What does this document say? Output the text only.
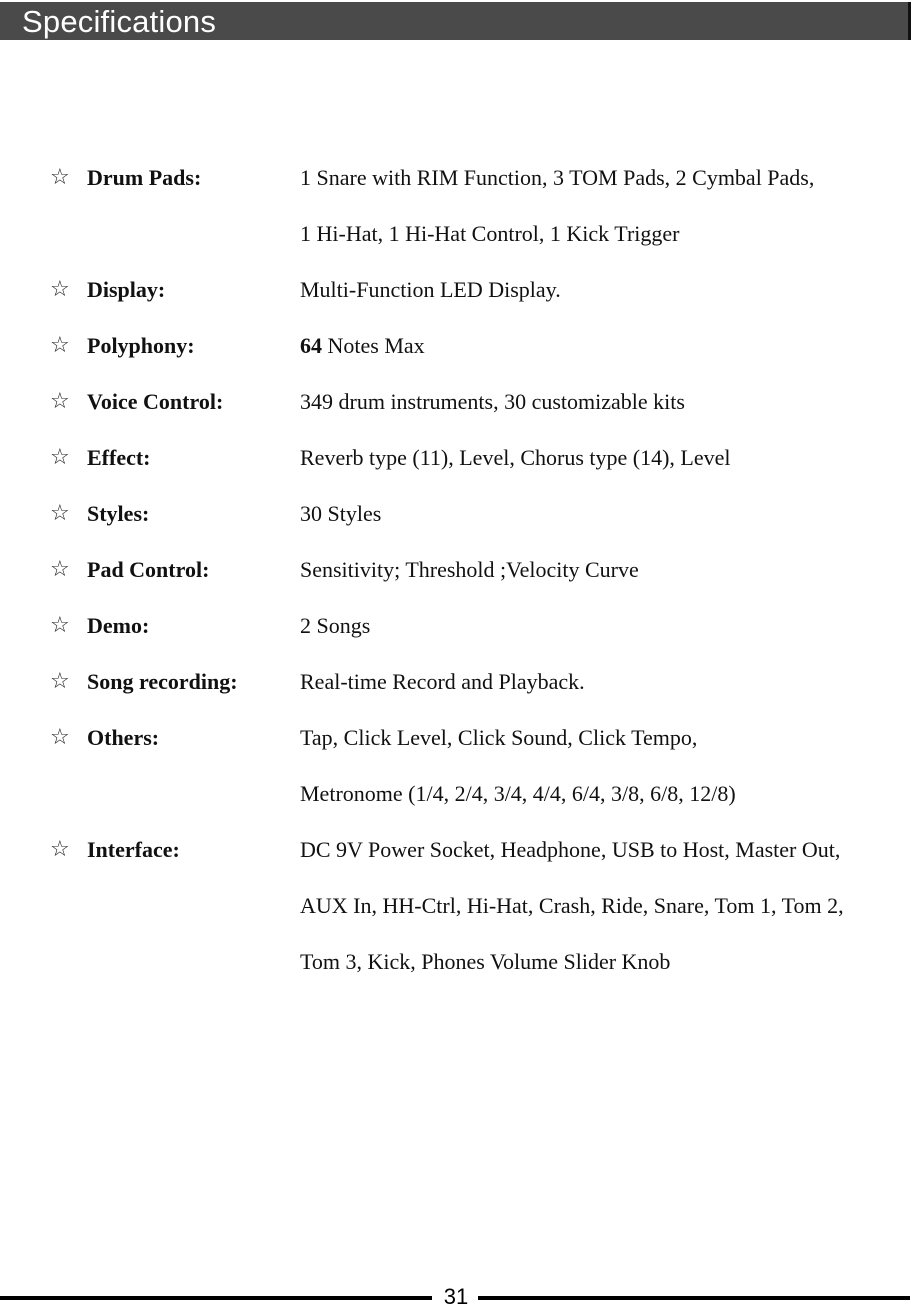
Specifications
☆ Drum Pads:	1 Snare with RIM Function, 3 TOM Pads, 2 Cymbal Pads,
1 Hi-Hat, 1 Hi-Hat Control, 1 Kick Trigger
☆ Display:	Multi-Function LED Display.
☆ Polyphony:	64 Notes Max
☆ Voice Control:	349 drum instruments, 30 customizable kits
☆ Effect:	Reverb type (11), Level, Chorus type (14), Level
☆ Styles:	30 Styles
☆ Pad Control:	Sensitivity; Threshold ;Velocity Curve
☆ Demo:	2 Songs
☆ Song recording:	Real-time Record and Playback.
☆ Others:	Tap, Click Level, Click Sound, Click Tempo,
Metronome (1/4, 2/4, 3/4, 4/4, 6/4, 3/8, 6/8, 12/8)
☆ Interface:	DC 9V Power Socket, Headphone, USB to Host, Master Out,
AUX In, HH-Ctrl, Hi-Hat, Crash, Ride, Snare, Tom 1, Tom 2,
Tom 3, Kick, Phones Volume Slider Knob
31
